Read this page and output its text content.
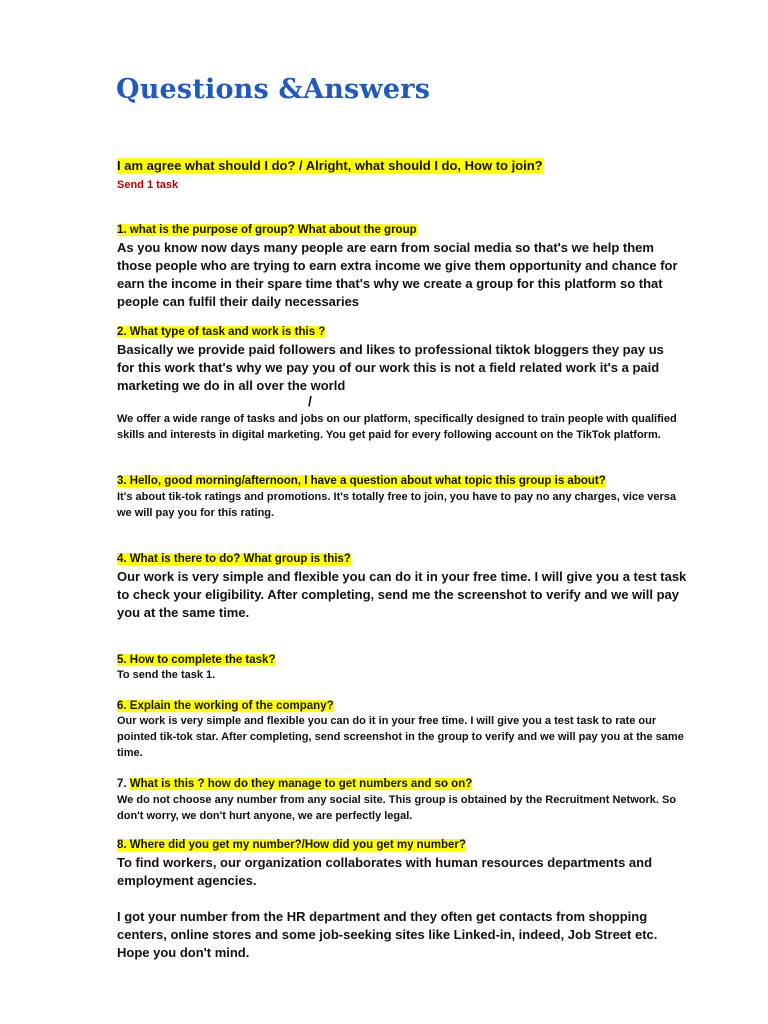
Questions &Answers

I am agree what should I do? / Alright, what should I do, How to join?

Send 1 task

1. what is the purpose of group? What about the group

As you know now days many people are earn from social media so that's we help them those people who are trying to earn extra income we give them opportunity and chance for earn the income in their spare time that's why we create a group for this platform so that people can fulfil their daily necessaries

2. What type of task and work is this ?

Basically we provide paid followers and likes to professional tiktok bloggers they pay us for this work that's why we pay you of our work this is not a field related work it's a paid marketing we do in all over the world

/

We offer a wide range of tasks and jobs on our platform, specifically designed to train people with qualified skills and interests in digital marketing. You get paid for every following account on the TikTok platform.

3. Hello, good morning/afternoon, I have a question about what topic this group is about?

It's about tik-tok ratings and promotions. It's totally free to join, you have to pay no any charges, vice versa we will pay you for this rating.

4. What is there to do? What group is this?

Our work is very simple and flexible you can do it in your free time. I will give you a test task to check your eligibility. After completing, send me the screenshot to verify and we will pay you at the same time.

5. How to complete the task?

To send the task 1.

6. Explain the working of the company?

Our work is very simple and flexible you can do it in your free time. I will give you a test task to rate our pointed tik-tok star. After completing, send screenshot in the group to verify and we will pay you at the same time.

7. What is this ? how do they manage to get numbers and so on?

We do not choose any number from any social site. This group is obtained by the Recruitment Network. So don't worry, we don't hurt anyone, we are perfectly legal.

8. Where did you get my number?/How did you get my number?

To find workers, our organization collaborates with human resources departments and employment agencies.

I got your number from the HR department and they often get contacts from shopping centers, online stores and some job-seeking sites like Linked-in, indeed, Job Street etc. Hope you don't mind.
